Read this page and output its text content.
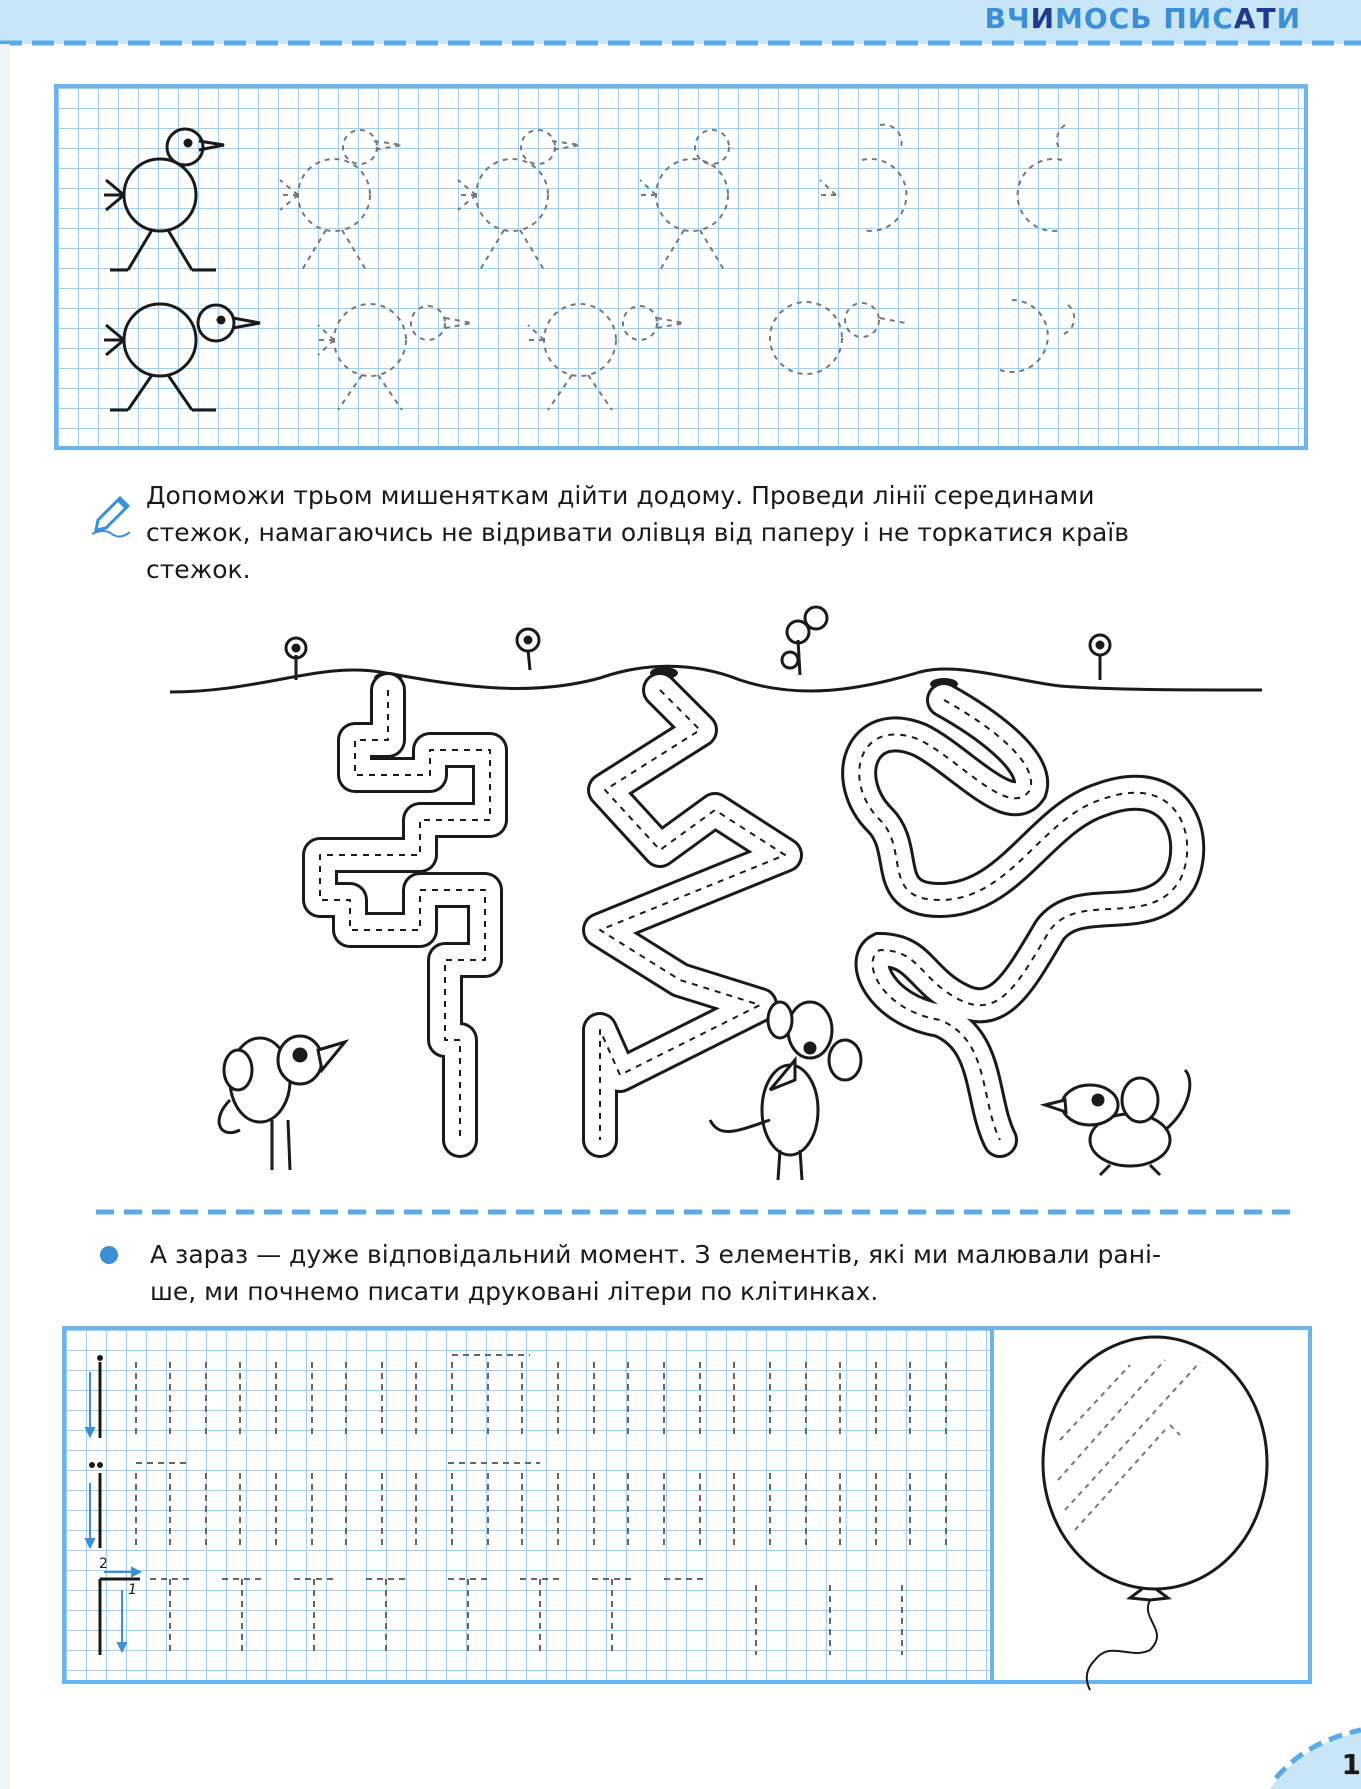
ВЧИМОСЬ ПИСАТИ
Допоможи трьом мишеняткам дійти додому. Проведи лінії серединами
стежок, намагаючись не відривати олівця від паперу і не торкатися країв
стежок.
А зараз — дуже відповідальний момент. З елементів, які ми малювали рані-
ше, ми почнемо писати друковані літери по клітинках.
2
1
1
